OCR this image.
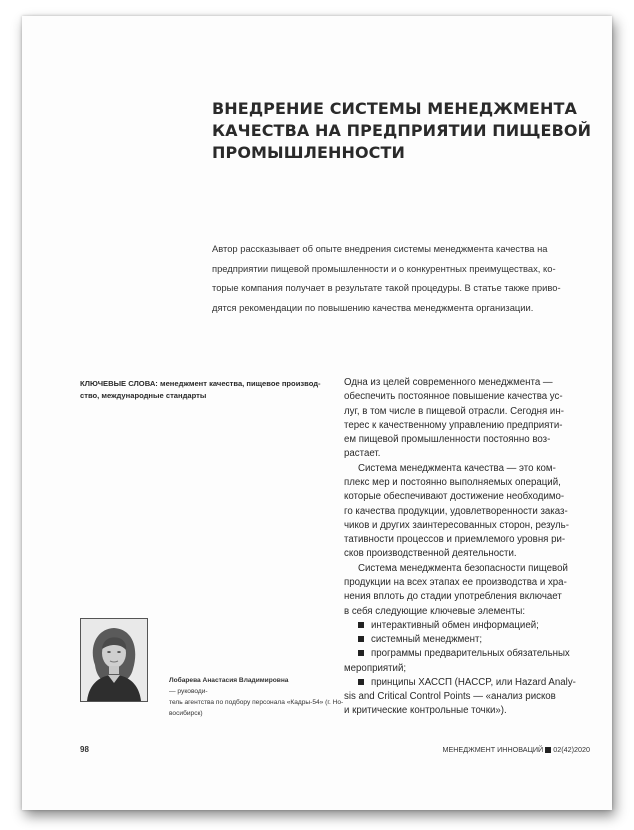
ВНЕДРЕНИЕ СИСТЕМЫ МЕНЕДЖМЕНТА
КАЧЕСТВА НА ПРЕДПРИЯТИИ ПИЩЕВОЙ
ПРОМЫШЛЕННОСТИ
Автор рассказывает об опыте внедрения системы менеджмента качества на
предприятии пищевой промышленности и о конкурентных преимуществах, ко-
торые компания получает в результате такой процедуры. В статье также приво-
дятся рекомендации по повышению качества менеджмента организации.
КЛЮЧЕВЫЕ СЛОВА: менеджмент качества, пищевое производ-
ство, международные стандарты
Одна из целей современного менеджмента —
обеспечить постоянное повышение качества ус-
луг, в том числе в пищевой отрасли. Сегодня ин-
терес к качественному управлению предприяти-
ем пищевой промышленности постоянно воз-
растает.
Система менеджмента качества — это ком-
плекс мер и постоянно выполняемых операций,
которые обеспечивают достижение необходимо-
го качества продукции, удовлетворенности заказ-
чиков и других заинтересованных сторон, резуль-
тативности процессов и приемлемого уровня ри-
сков производственной деятельности.
Система менеджмента безопасности пищевой
продукции на всех этапах ее производства и хра-
нения вплоть до стадии употребления включает
в себя следующие ключевые элементы:
интерактивный обмен информацией;
системный менеджмент;
программы предварительных обязательных
мероприятий;
принципы ХАССП (HACCP, или Hazard Analy-
sis and Critical Control Points — «анализ рисков
и критические контрольные точки»).
Лобарева Анастасия Владимировна
— руководи-
тель агентства по подбору персонала «Кадры-54» (г. Но-
восибирск)
98	МЕНЕДЖМЕНТ ИННОВАЦИЙ 02(42)2020
